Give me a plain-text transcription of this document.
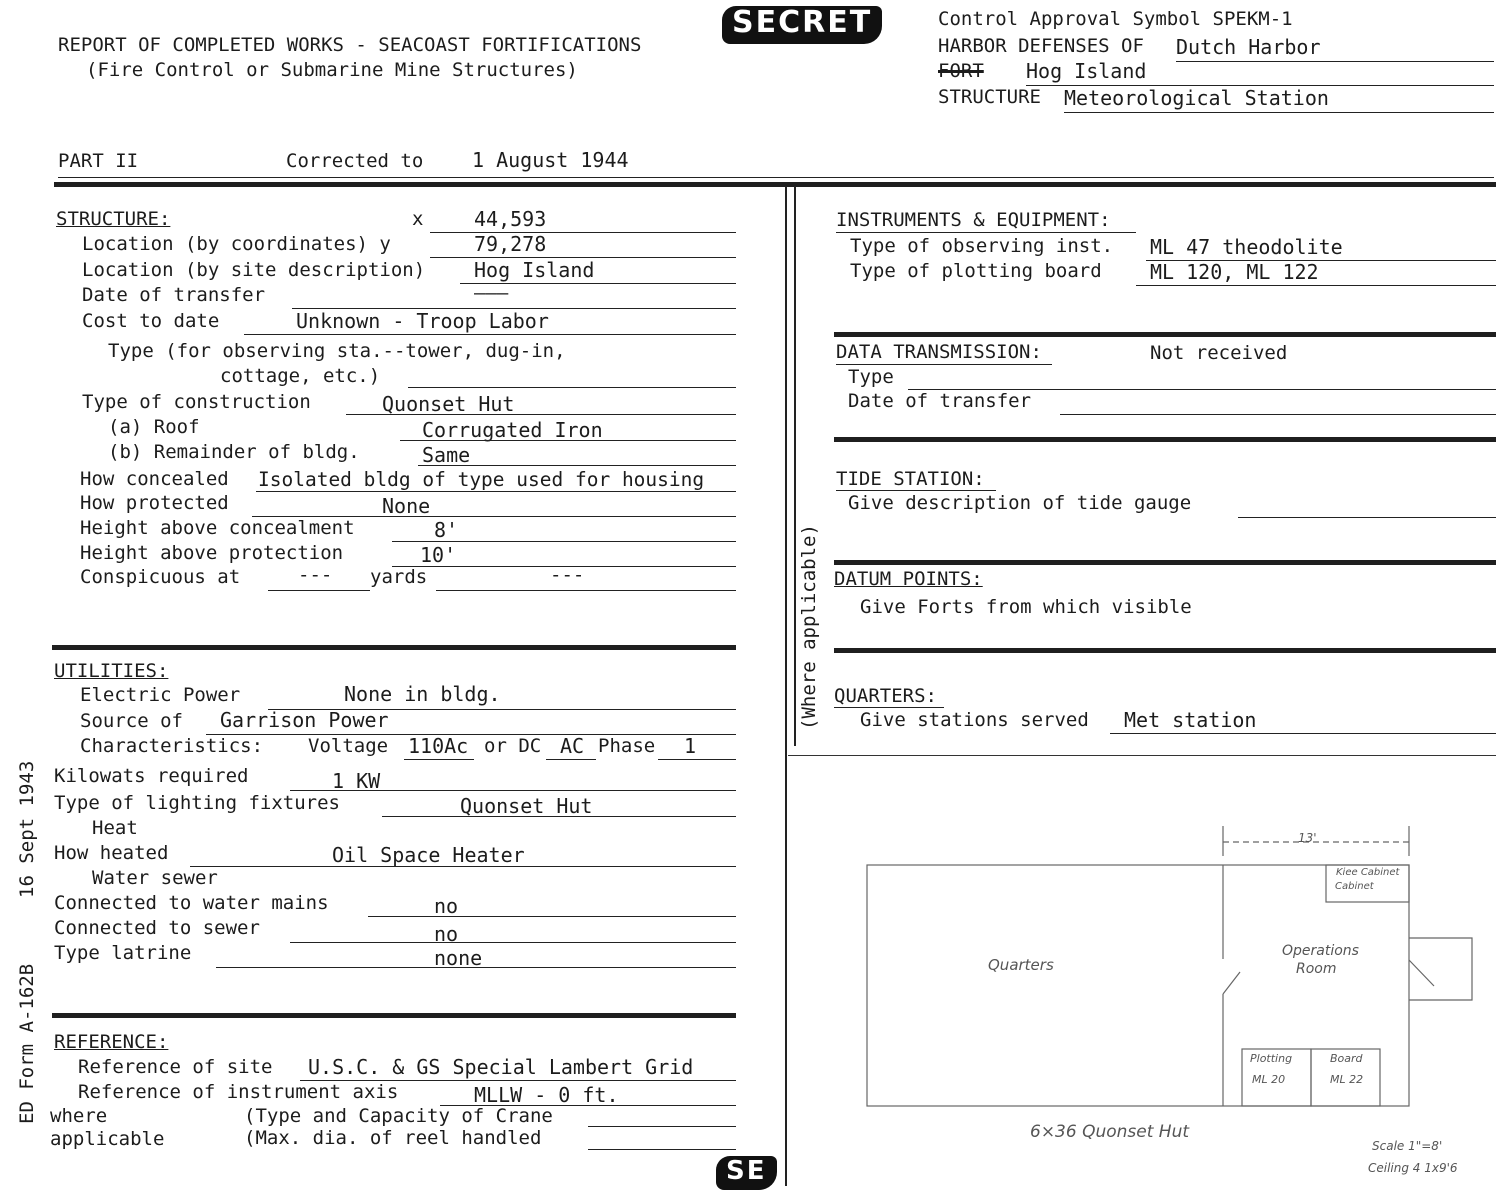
REPORT OF COMPLETED WORKS - SEACOAST FORTIFICATIONS
(Fire Control or Submarine Mine Structures)
SECRET	Control Approval Symbol SPEKM-1
HARBOR DEFENSES OF Dutch Harbor
FORT Hog Island
STRUCTURE Meteorological Station
PART II	Corrected to 1 August 1944
STRUCTURE:	x	44,593
Location (by coordinates) y	79,278
Location (by site description) Hog Island
Date of transfer	———
Cost to date	Unknown - Troop Labor
Type (for observing sta.--tower, dug-in,
cottage, etc.)
Type of construction	Quonset Hut
(a) Roof	Corrugated Iron
(b) Remainder of bldg.	Same
How concealed Isolated bldg of type used for housing
How protected	None
Height above concealment	8'
Height above protection	10'
Conspicuous at	--- yards	---
UTILITIES:
Electric Power	None in bldg.
Source of Garrison Power
Characteristics: Voltage 110Ac or DC AC Phase 1
Kilowats required	1 KW
Type of lighting fixtures	Quonset Hut
Heat
How heated	Oil Space Heater
Water sewer
Connected to water mains	no
Connected to sewer	no
Type latrine	none
REFERENCE:
Reference of site U.S.C. & GS Special Lambert Grid
Reference of instrument axis	MLLW - 0 ft.
where
applicable
(Type and Capacity of Crane
(Max. dia. of reel handled
SE
ED Form A-162B
16 Sept 1943
(Where applicable)
INSTRUMENTS & EQUIPMENT:
Type of observing inst. ML 47 theodolite
Type of plotting board ML 120, ML 122
DATA TRANSMISSION:	Not received
Type
Date of transfer
TIDE STATION:
Give description of tide gauge
DATUM POINTS:
Give Forts from which visible
QUARTERS:
Give stations served Met station
13'
Kiee Cabinet
Cabinet
Quarters
Operations
Room
Plotting
ML 20
Board
ML 22
6×36 Quonset Hut
Scale 1"=8'
Ceiling 4 1x9'6
